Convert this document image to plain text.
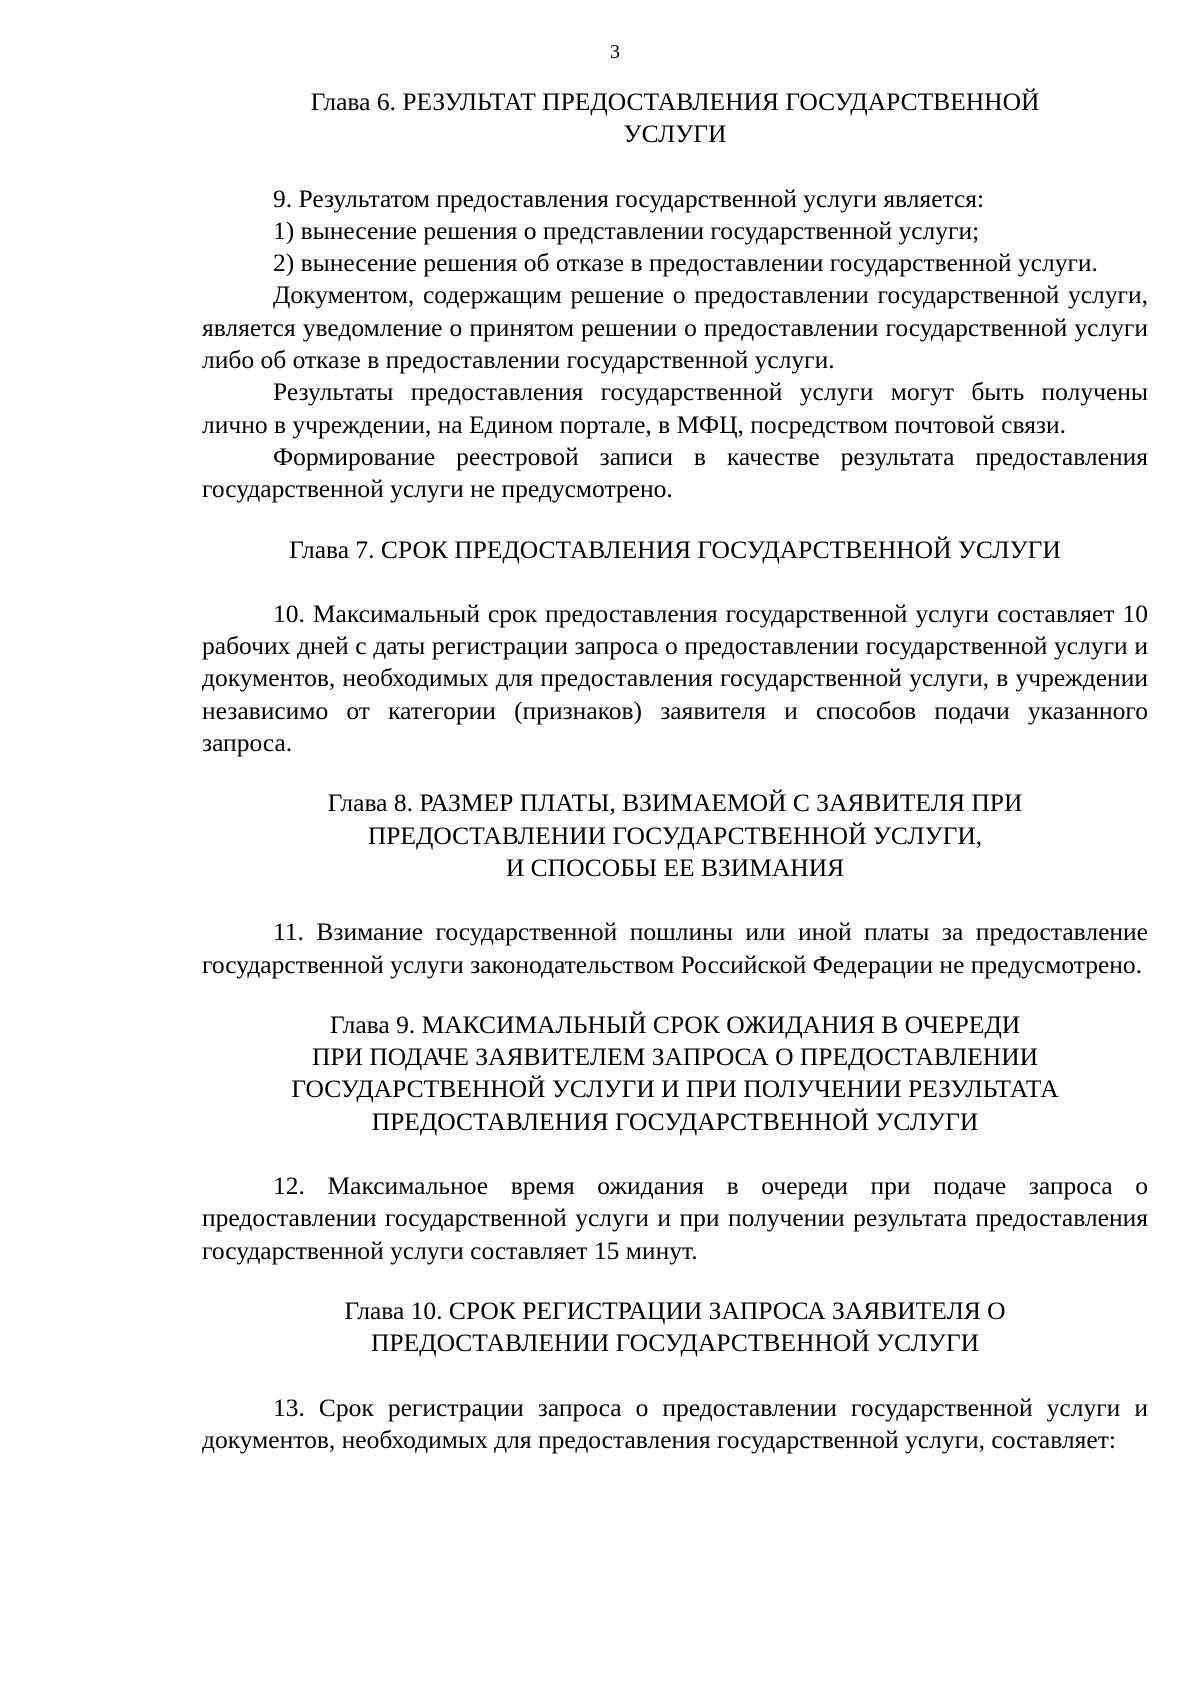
3
Глава 6. РЕЗУЛЬТАТ ПРЕДОСТАВЛЕНИЯ ГОСУДАРСТВЕННОЙ
УСЛУГИ

9. Результатом предоставления государственной услуги является:

1) вынесение решения о представлении государственной услуги;

2) вынесение решения об отказе в предоставлении государственной услуги.

Документом, содержащим решение о предоставлении государственной услуги, является уведомление о принятом решении о предоставлении государственной услуги либо об отказе в предоставлении государственной услуги.

Результаты предоставления государственной услуги могут быть получены лично в учреждении, на Едином портале, в МФЦ, посредством почтовой связи.

Формирование реестровой записи в качестве результата предоставления государственной услуги не предусмотрено.

Глава 7. СРОК ПРЕДОСТАВЛЕНИЯ ГОСУДАРСТВЕННОЙ УСЛУГИ

10. Максимальный срок предоставления государственной услуги составляет 10 рабочих дней с даты регистрации запроса о предоставлении государственной услуги и документов, необходимых для предоставления государственной услуги, в учреждении независимо от категории (признаков) заявителя и способов подачи указанного запроса.

Глава 8. РАЗМЕР ПЛАТЫ, ВЗИМАЕМОЙ С ЗАЯВИТЕЛЯ ПРИ
ПРЕДОСТАВЛЕНИИ ГОСУДАРСТВЕННОЙ УСЛУГИ,
И СПОСОБЫ ЕЕ ВЗИМАНИЯ

11. Взимание государственной пошлины или иной платы за предоставление государственной услуги законодательством Российской Федерации не предусмотрено.

Глава 9. МАКСИМАЛЬНЫЙ СРОК ОЖИДАНИЯ В ОЧЕРЕДИ
ПРИ ПОДАЧЕ ЗАЯВИТЕЛЕМ ЗАПРОСА О ПРЕДОСТАВЛЕНИИ
ГОСУДАРСТВЕННОЙ УСЛУГИ И ПРИ ПОЛУЧЕНИИ РЕЗУЛЬТАТА
ПРЕДОСТАВЛЕНИЯ ГОСУДАРСТВЕННОЙ УСЛУГИ

12. Максимальное время ожидания в очереди при подаче запроса о предоставлении государственной услуги и при получении результата предоставления государственной услуги составляет 15 минут.

Глава 10. СРОК РЕГИСТРАЦИИ ЗАПРОСА ЗАЯВИТЕЛЯ О
ПРЕДОСТАВЛЕНИИ ГОСУДАРСТВЕННОЙ УСЛУГИ

13. Срок регистрации запроса о предоставлении государственной услуги и документов, необходимых для предоставления государственной услуги, составляет:
